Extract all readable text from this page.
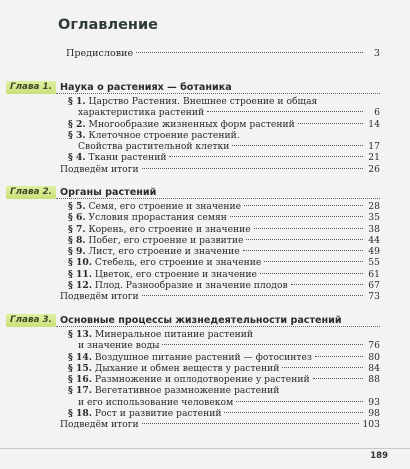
Оглавление
Предисловие	3
Глава 1. Наука о растениях — ботаника
§ 1.
Царство Растения. Внешнее строение и общая
характеристика растений	6
§ 2.
Многообразие жизненных форм растений	14
§ 3.
Клеточное строение растений.
Свойства растительной клетки	17
§ 4.
Ткани растений	21
Подведём итоги	26
Глава 2. Органы растений
§ 5.
Семя, его строение и значение	28
§ 6.
Условия прорастания семян	35
§ 7.
Корень, его строение и значение	38
§ 8.
Побег, его строение и развитие	44
§ 9.
Лист, его строение и значение	49
§ 10.
Стебель, его строение и значение	55
§ 11.
Цветок, его строение и значение	61
§ 12.
Плод. Разнообразие и значение плодов	67
Подведём итоги	73
Глава 3. Основные процессы жизнедеятельности растений
§ 13.
Минеральное питание растений
и значение воды	76
§ 14.
Воздушное питание растений — фотосинтез	80
§ 15.
Дыхание и обмен веществ у растений	84
§ 16.
Размножение и оплодотворение у растений	88
§ 17.
Вегетативное размножение растений
и его использование человеком	93
§ 18.
Рост и развитие растений	98
Подведём итоги	103
189
